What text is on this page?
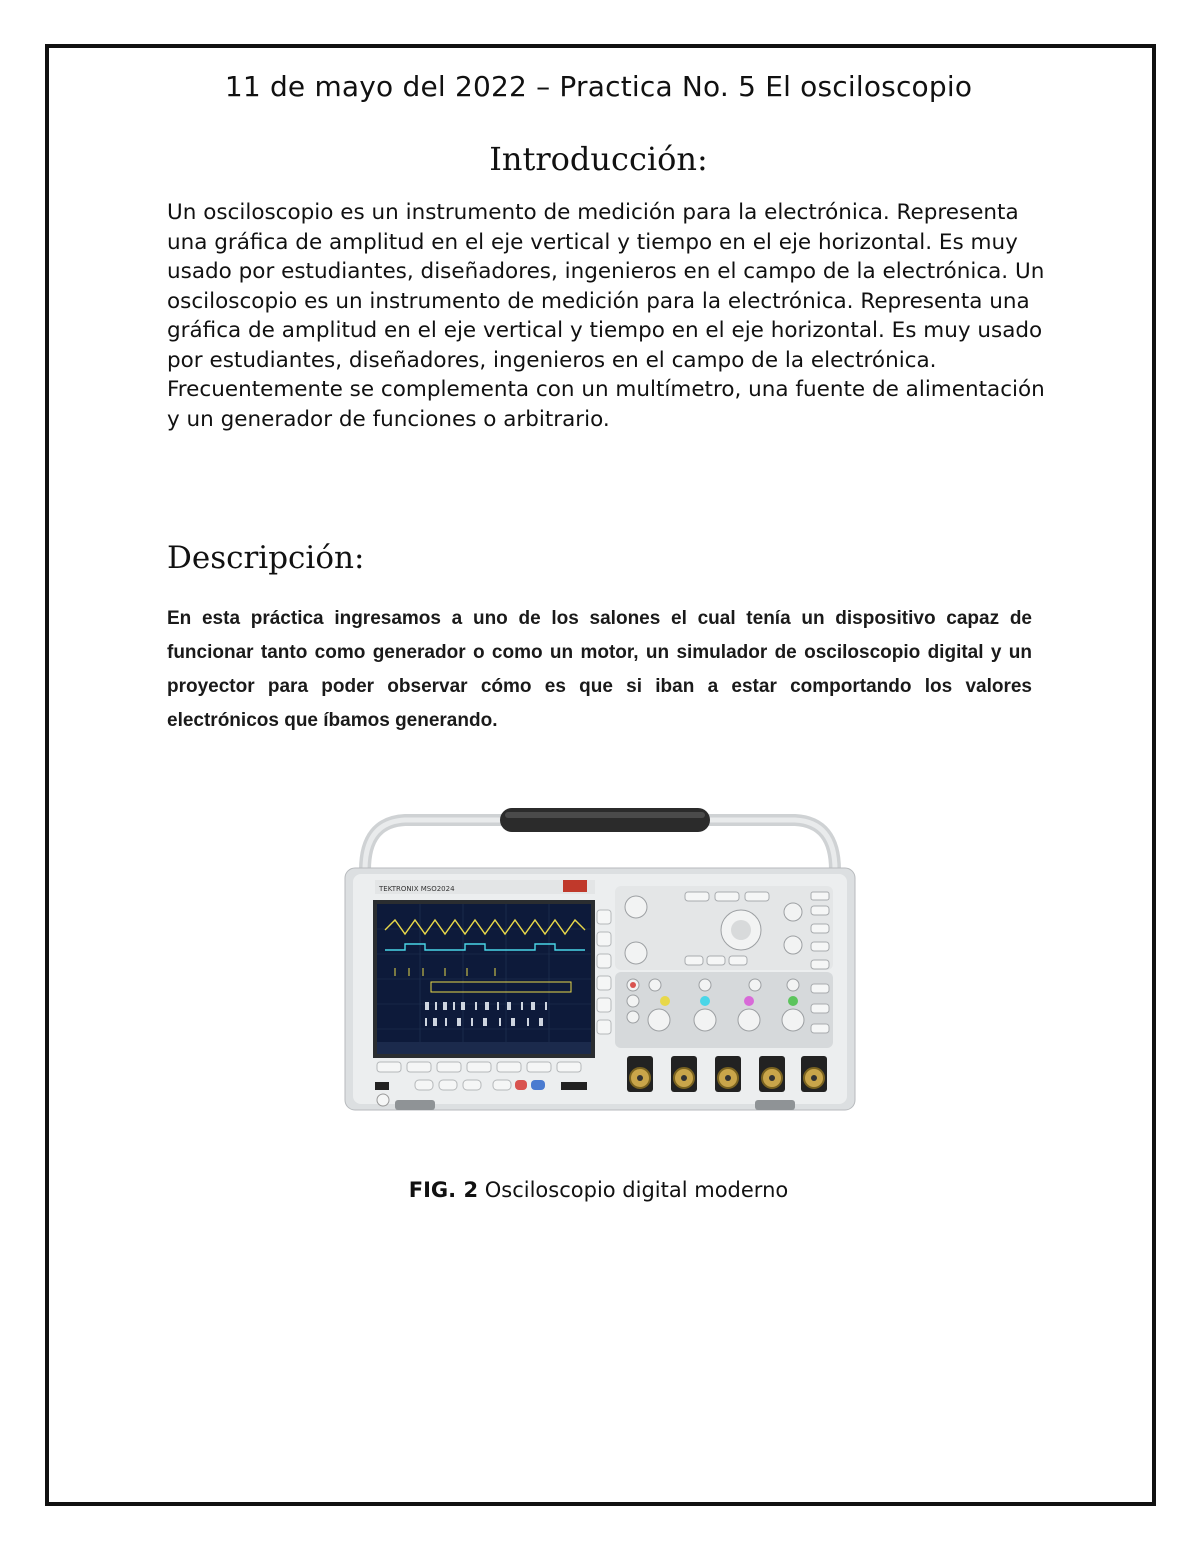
11 de mayo del 2022 – Practica No. 5 El osciloscopio
Introducción:
Un osciloscopio es un instrumento de medición para la electrónica. Representa una gráfica de amplitud en el eje vertical y tiempo en el eje horizontal. Es muy usado por estudiantes, diseñadores, ingenieros en el campo de la electrónica. Un osciloscopio es un instrumento de medición para la electrónica. Representa una gráfica de amplitud en el eje vertical y tiempo en el eje horizontal. Es muy usado por estudiantes, diseñadores, ingenieros en el campo de la electrónica. Frecuentemente se complementa con un multímetro, una fuente de alimentación y un generador de funciones o arbitrario.
Descripción:
En esta práctica ingresamos a uno de los salones el cual tenía un dispositivo capaz de funcionar tanto como generador o como un motor, un simulador de osciloscopio digital y un proyector para poder observar cómo es que si iban a estar comportando los valores electrónicos que íbamos generando.
TEKTRONIX MSO2024
FIG. 2 Osciloscopio digital moderno
